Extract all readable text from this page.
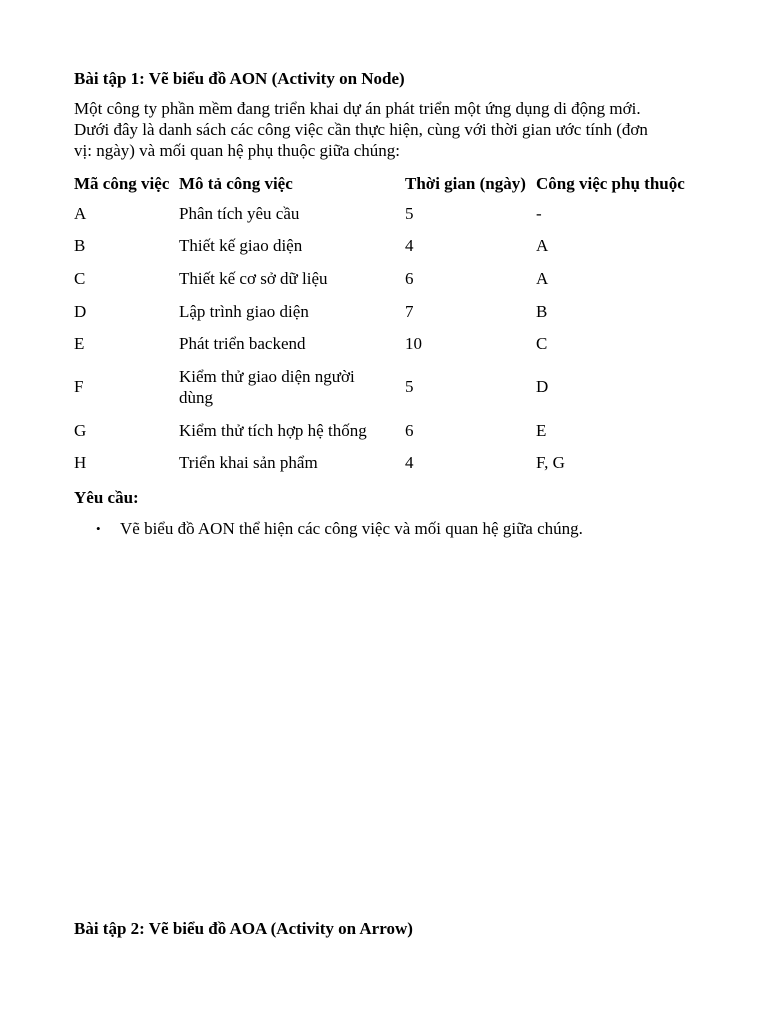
Bài tập 1: Vẽ biểu đồ AON (Activity on Node)
Một công ty phần mềm đang triển khai dự án phát triển một ứng dụng di động mới.
Dưới đây là danh sách các công việc cần thực hiện, cùng với thời gian ước tính (đơn
vị: ngày) và mối quan hệ phụ thuộc giữa chúng:
Mã công việc	Mô tả công việc	Thời gian (ngày)	Công việc phụ thuộc
A	Phân tích yêu cầu	5	-
B	Thiết kế giao diện	4	A
C	Thiết kế cơ sở dữ liệu	6	A
D	Lập trình giao diện	7	B
E	Phát triển backend	10	C
F	Kiểm thử giao diện người dùng	5	D
G	Kiểm thử tích hợp hệ thống	6	E
H	Triển khai sản phẩm	4	F, G
Yêu cầu:
• Vẽ biểu đồ AON thể hiện các công việc và mối quan hệ giữa chúng.
Bài tập 2: Vẽ biểu đồ AOA (Activity on Arrow)
